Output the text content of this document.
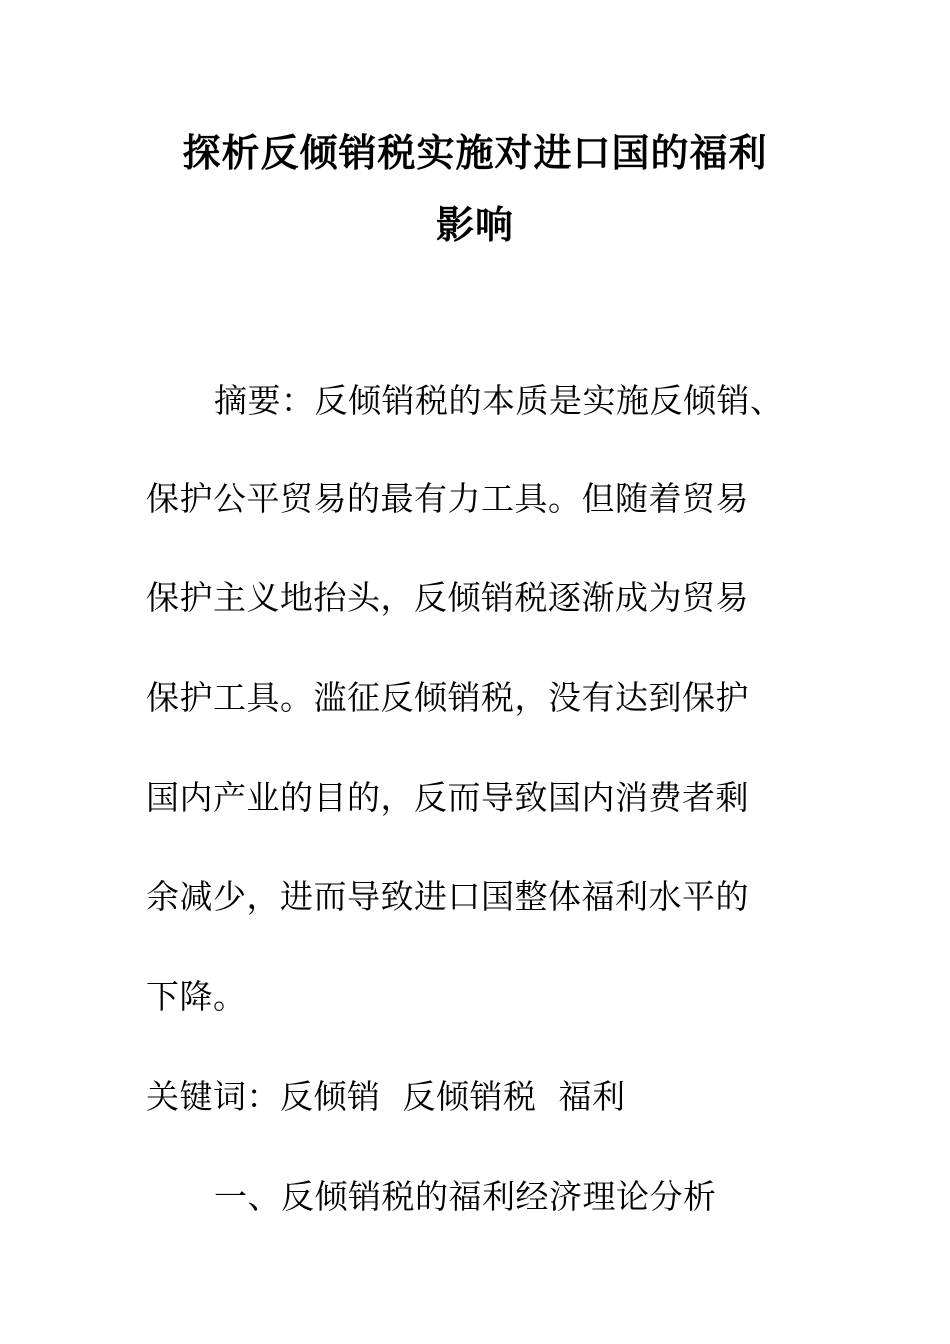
探析反倾销税实施对进口国的福利
影响
摘要：反倾销税的本质是实施反倾销、
保护公平贸易的最有力工具。但随着贸易
保护主义地抬头，反倾销税逐渐成为贸易
保护工具。滥征反倾销税，没有达到保护
国内产业的目的，反而导致国内消费者剩
余减少，进而导致进口国整体福利水平的
下降。
关键词：反倾销  反倾销税  福利
一、反倾销税的福利经济理论分析
